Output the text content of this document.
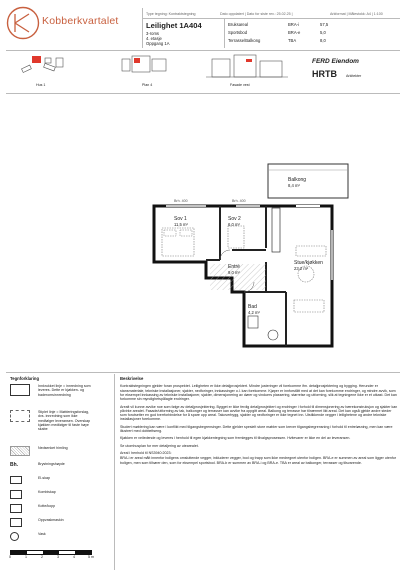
Kobberkvartalet
Type tegning: Kontraktstegning	Dato oppdatert | Dato for siste rev.: 25.02.25 |	Arkformat | Målestokk: A4 | 1:100
Leilighet 1A404
3-roms
4. etasje
Oppgang 1A
Bruksareal	BRA-i	57,5
Sportsbod	BRA-e	5,0
Terrasse/Balkong	TBA	8,0
Hus 1	Plan 4	Fasade vest
FERD Eiendom
HRTB	Arkitekter
Balkong
8,4 m²
Brh. 400	Brh. 400
Sov 1
11,5 m²
Sov 2
6,0 m²
Entré
9,0 m²
Bad
4,2 m²
Stue/kjøkken
23,2 m²
Tegnforklaring
Innkrukket linje = innredning som leveres. Dette er kjøkken- og baderomsinnredning
Stiplet linje = Møbleringsforslag, dvs. innredning som ikke medfølger leveransen. Overskap kjøkken medfølger til faste høye skabe
Nedsenket himling
Bh.	Brystningshøyde
El-skap
Kombiskap
Kotte/kopp
Oppvaskmaskin
Vask
0	1	2	3	4	5 m
Beskrivelse

Kontraktstegningen gjelder foran prospektet. Leiligheten er ikke detaljprosjektert. Mindre justeringer vil forekomme ifm. detaljprosjektering og bygging. Herunder er stansmateriale, tekniske installasjoner, sjakter, nedforinger, innkassinger o.l. kan forekomme. Kjøper er innforstått med at det kan forekomme endringer, og mindre avvik, som for eksempel innkassing av tekniske installasjoner, sjakter, dimensjonering av dører og vinduers plassering, størrelse og utforming, slik at tegningene ikke er et utkast. Det kan forkomme sin myndighetspålagte endringer.

Arealt vil kunne avvike noe som følge av detaljprosjektering. Bygget er ikke ferdig detaljprosjektert og endringer i forhold til dimensjonering av bærekonstruksjon og sjakter kan påvirke arealet. Fasade/utforming av tak, balkonger og terrasser kan avvike fra oppgitt areal. Balkong og terrasse har tilnærmet likt areal. Det kan også gjelde andre steder som forutsetter en god tverrforbindelse for å spare opp areal. Takoverbygg, sjakter og nedforinger er ikke tegnet inn. Utstikkende vegger i leilighetene og andre tekniske installasjoner forekomme.

Studert møblering kan være i konflikt med tilgangsbegrensinger. Dette gjelder spesielt store møbler som krever tilgangsbegrensning i forhold til entreløsning, men kan være illustrert med dobbeltseng.

Kjøkken er veiledende og leveres i henhold til egen kjøkkentegning som fremlegges til tilvalgsprosessen. Hvitevarer er ikke en del av leveransen.

Se utomhusplan for mer detaljering av utearealet.

Areal i henhold til NS3940:2023:

BRA-i er areal målt innenfor boligens omsluttende vegger, inkluderer vegger, bod og trapp som ikke medregnet utenfor boligen. BRA-e er summen av areal som ligger utenfor boligen, men som tilhører den, som for eksempel sportsbod. BRA-b er summen av BRA-i og BRA-e. TBA er areal av balkonger, terrasser og tilsvarende.
